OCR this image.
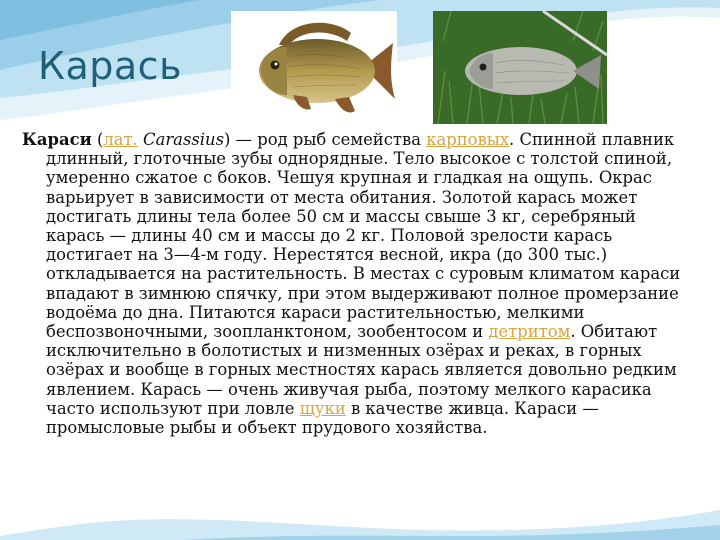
Карась

Караси (лат. Carassius) — род рыб семейства карповых. Спинной плавник длинный, глоточные зубы однорядные. Тело высокое с толстой спиной, умеренно сжатое с боков. Чешуя крупная и гладкая на ощупь. Окрас варьирует в зависимости от места обитания. Золотой карась может достигать длины тела более 50 см и массы свыше 3 кг, серебряный карась — длины 40 см и массы до 2 кг. Половой зрелости карась достигает на 3—4-м году. Нерестятся весной, икра (до 300 тыс.) откладывается на растительность. В местах с суровым климатом караси впадают в зимнюю спячку, при этом выдерживают полное промерзание водоёма до дна. Питаются караси растительностью, мелкими беспозвоночными, зоопланктоном, зообентосом и детритом. Обитают исключительно в болотистых и низменных озёрах и реках, в горных озёрах и вообще в горных местностях карась является довольно редким явлением. Карась — очень живучая рыба, поэтому мелкого карасика часто используют при ловле щуки в качестве живца. Караси — промысловые рыбы и объект прудового хозяйства.
